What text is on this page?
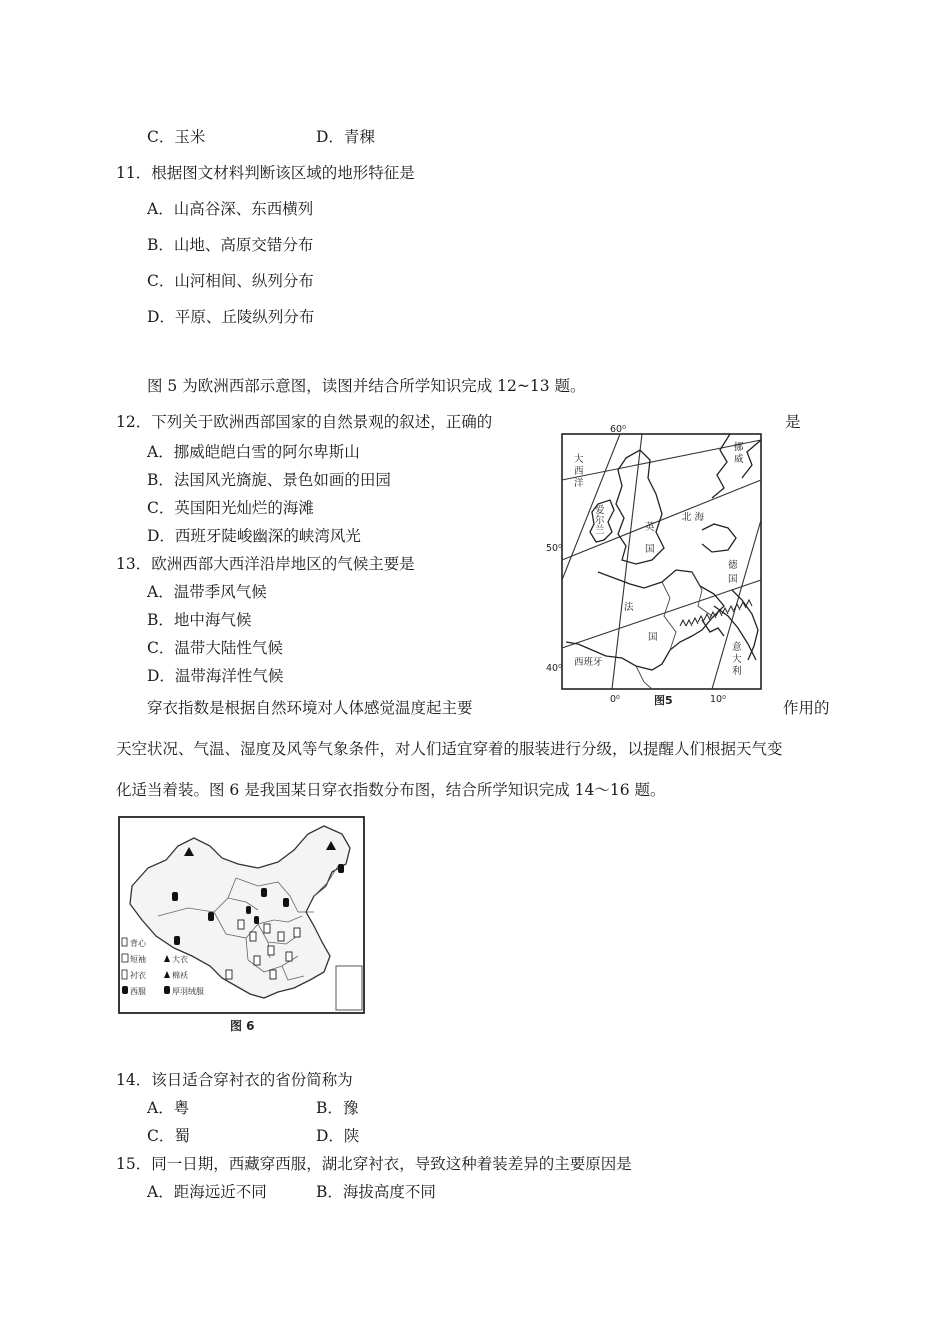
C．玉米	D．青稞
11．根据图文材料判断该区域的地形特征是
A．山高谷深、东西横列
B．山地、高原交错分布
C．山河相间、纵列分布
D．平原、丘陵纵列分布
图 5 为欧洲西部示意图，读图并结合所学知识完成 12~13 题。
12．下列关于欧洲西部国家的自然景观的叙述，正确的	是
A．挪威皑皑白雪的阿尔卑斯山
B．法国风光旖旎、景色如画的田园
C．英国阳光灿烂的海滩
D．西班牙陡峻幽深的峡湾风光
13．欧洲西部大西洋沿岸地区的气候主要是
A．温带季风气候
B．地中海气候
C．温带大陆性气候
D．温带海洋性气候
穿衣指数是根据自然环境对人体感觉温度起主要	作用的
天空状况、气温、湿度及风等气象条件，对人们适宜穿着的服装进行分级，以提醒人们根据天气变
化适当着装。图 6 是我国某日穿衣指数分布图，结合所学知识完成 14～16 题。
60⁰
50⁰
40⁰
0⁰	10⁰
图5
大
西
洋
挪
威
爱
尔
兰
北 海
英
国
德
国
法
国
西班牙
意
大
利
背心
短袖	大衣
衬衣	棉袄
西服	厚羽绒服
图 6
14．该日适合穿衬衣的省份简称为
A．粤	B．豫
C．蜀	D．陕
15．同一日期，西藏穿西服，湖北穿衬衣，导致这种着装差异的主要原因是
A．距海远近不同	B．海拔高度不同
